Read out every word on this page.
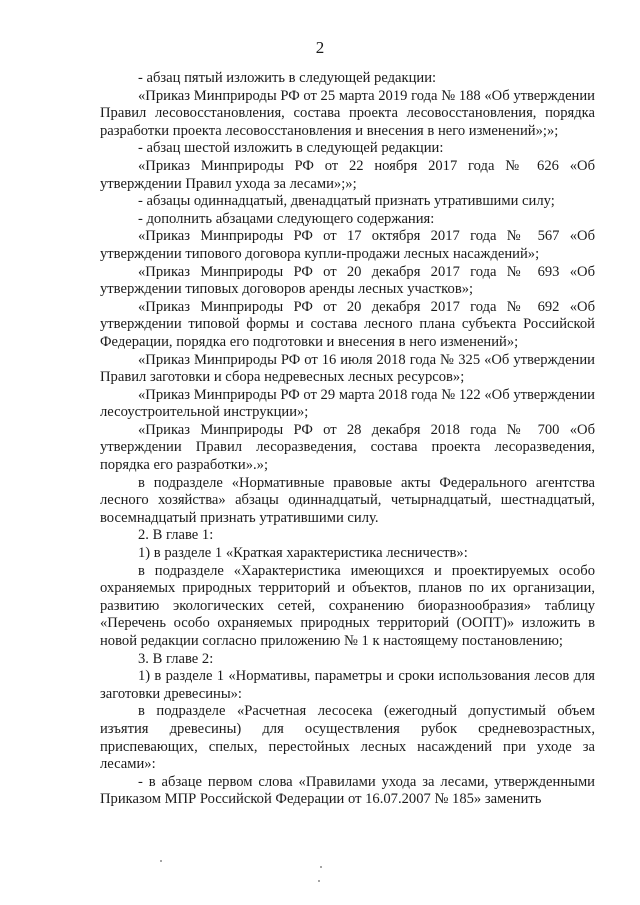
2

- абзац пятый изложить в следующей редакции:

«Приказ Минприроды РФ от 25 марта 2019 года № 188 «Об утверждении Правил лесовосстановления, состава проекта лесовосстановления, порядка разработки проекта лесовосстановления и внесения в него изменений»;»;

- абзац шестой изложить в следующей редакции:

«Приказ Минприроды РФ от 22 ноября 2017 года № 626 «Об утверждении Правил ухода за лесами»;»;

- абзацы одиннадцатый, двенадцатый признать утратившими силу;

- дополнить абзацами следующего содержания:

«Приказ Минприроды РФ от 17 октября 2017 года № 567 «Об утверждении типового договора купли-продажи лесных насаждений»;

«Приказ Минприроды РФ от 20 декабря 2017 года № 693 «Об утверждении типовых договоров аренды лесных участков»;

«Приказ Минприроды РФ от 20 декабря 2017 года № 692 «Об утверждении типовой формы и состава лесного плана субъекта Российской Федерации, порядка его подготовки и внесения в него изменений»;

«Приказ Минприроды РФ от 16 июля 2018 года № 325 «Об утверждении Правил заготовки и сбора недревесных лесных ресурсов»;

«Приказ Минприроды РФ от 29 марта 2018 года № 122 «Об утверждении лесоустроительной инструкции»;

«Приказ Минприроды РФ от 28 декабря 2018 года № 700 «Об утверждении Правил лесоразведения, состава проекта лесоразведения, порядка его разработки».»;

в подразделе «Нормативные правовые акты Федерального агентства лесного хозяйства» абзацы одиннадцатый, четырнадцатый, шестнадцатый, восемнадцатый признать утратившими силу.

2. В главе 1:

1) в разделе 1 «Краткая характеристика лесничеств»:

в подразделе «Характеристика имеющихся и проектируемых особо охраняемых природных территорий и объектов, планов по их организации, развитию экологических сетей, сохранению биоразнообразия» таблицу «Перечень особо охраняемых природных территорий (ООПТ)» изложить в новой редакции согласно приложению № 1 к настоящему постановлению;

3. В главе 2:

1) в разделе 1 «Нормативы, параметры и сроки использования лесов для заготовки древесины»:

в подразделе «Расчетная лесосека (ежегодный допустимый объем изъятия древесины) для осуществления рубок средневозрастных, приспевающих, спелых, перестойных лесных насаждений при уходе за лесами»:

- в абзаце первом слова «Правилами ухода за лесами, утвержденными Приказом МПР Российской Федерации от 16.07.2007 № 185» заменить
